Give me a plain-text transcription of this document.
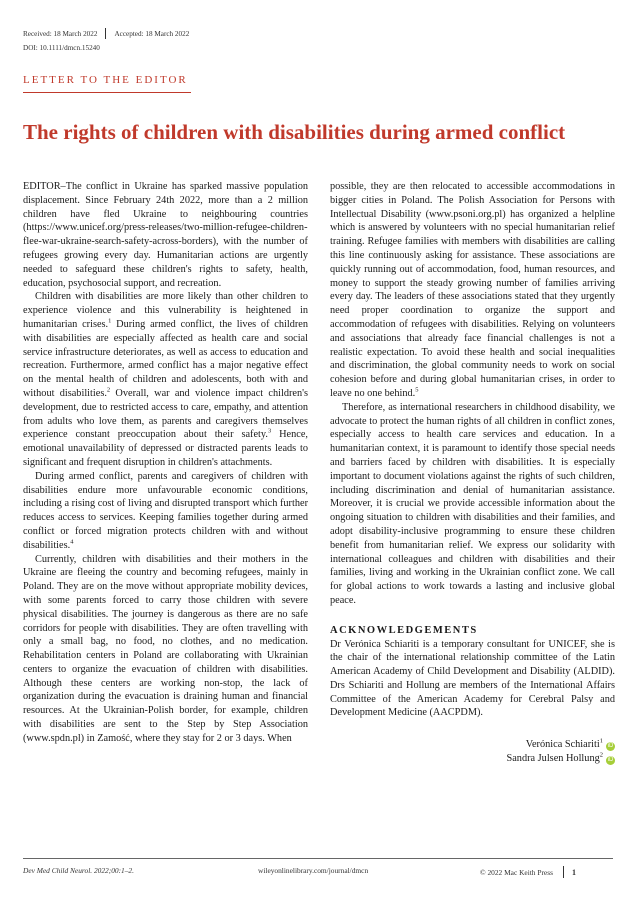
Received: 18 March 2022 Accepted: 18 March 2022
DOI: 10.1111/dmcn.15240
LETTER TO THE EDITOR
The rights of children with disabilities during armed conflict

EDITOR–The conflict in Ukraine has sparked massive population displacement. Since February 24th 2022, more than a 2 million children have fled Ukraine to neighbouring countries (https://www.unicef.org/press-releases/two-million-refugee-children-flee-war-ukraine-search-safety-across-borders), with the number of refugees growing every day. Humanitarian actions are urgently needed to safeguard these children's rights to safety, health, education, psychosocial support, and recreation.

Children with disabilities are more likely than other children to experience violence and this vulnerability is heightened in humanitarian crises.$^1$ During armed conflict, the lives of children with disabilities are especially affected as health care and social service infrastructure deteriorates, as well as access to education and recreation. Furthermore, armed conflict has a major negative effect on the mental health of children and adolescents, both with and without disabilities.$^2$ Overall, war and violence impact children's development, due to restricted access to care, empathy, and attention from adults who love them, as parents and caregivers themselves experience constant preoccupation about their safety.$^3$ Hence, emotional unavailability of depressed or distracted parents leads to significant and frequent disruption in children's attachments.

During armed conflict, parents and caregivers of children with disabilities endure more unfavourable economic conditions, including a rising cost of living and disrupted transport which further reduces access to services. Keeping families together during armed conflict or forced migration protects children with and without disabilities.$^4$

Currently, children with disabilities and their mothers in the Ukraine are fleeing the country and becoming refugees, mainly in Poland. They are on the move without appropriate mobility devices, with some parents forced to carry those children with severe physical disabilities. The journey is dangerous as there are no safe corridors for people with disabilities. They are often travelling with only a small bag, no food, no clothes, and no medication. Rehabilitation centers in Poland are collaborating with Ukrainian centers to organize the evacuation of children with disabilities. Although these centers are working non-stop, the lack of organization during the evacuation is draining human and financial resources. At the Ukrainian-Polish border, for example, children with disabilities are sent to the Step by Step Association (www.spdn.pl) in Zamość, where they stay for 2 or 3 days. When

possible, they are then relocated to accessible accommodations in bigger cities in Poland. The Polish Association for Persons with Intellectual Disability (www.psoni.org.pl) has organized a helpline which is answered by volunteers with no special humanitarian relief training. Refugee families with members with disabilities are calling this line continuously asking for assistance. These associations are quickly running out of accommodation, food, human resources, and money to support the steady growing number of families arriving every day. The leaders of these associations stated that they urgently need proper coordination to organize the support and accommodation of refugees with disabilities. Relying on volunteers and associations that already face financial challenges is not a realistic expectation. To avoid these health and social inequalities and discrimination, the global community needs to work on social cohesion before and during global humanitarian crises, in order to leave no one behind.$^5$

Therefore, as international researchers in childhood disability, we advocate to protect the human rights of all children in conflict zones, especially access to health care services and education. In a humanitarian context, it is paramount to identify those special needs and barriers faced by children with disabilities. It is especially important to document violations against the rights of such children, including discrimination and denial of humanitarian assistance. Moreover, it is crucial we provide accessible information about the ongoing situation to children with disabilities and their families, and adopt disability-inclusive programming to ensure these children benefit from humanitarian relief. We express our solidarity with international colleagues and children with disabilities and their families, living and working in the Ukrainian conflict zone. We call for global actions to work towards a lasting and inclusive global peace.

ACKNOWLEDGEMENTS

Dr Verónica Schiariti is a temporary consultant for UNICEF, she is the chair of the international relationship committee of the Latin American Academy of Child Development and Disability (ALDID). Drs Schiariti and Hollung are members of the International Affairs Committee of the American Academy for Cerebral Palsy and Development Medicine (AACPDM).

Verónica Schiariti$^1$iD
Sandra Julsen Hollung$^2$iD
Dev Med Child Neurol. 2022;00:1–2.	wileyonlinelibrary.com/journal/dmcn	© 2022 Mac Keith Press 1
